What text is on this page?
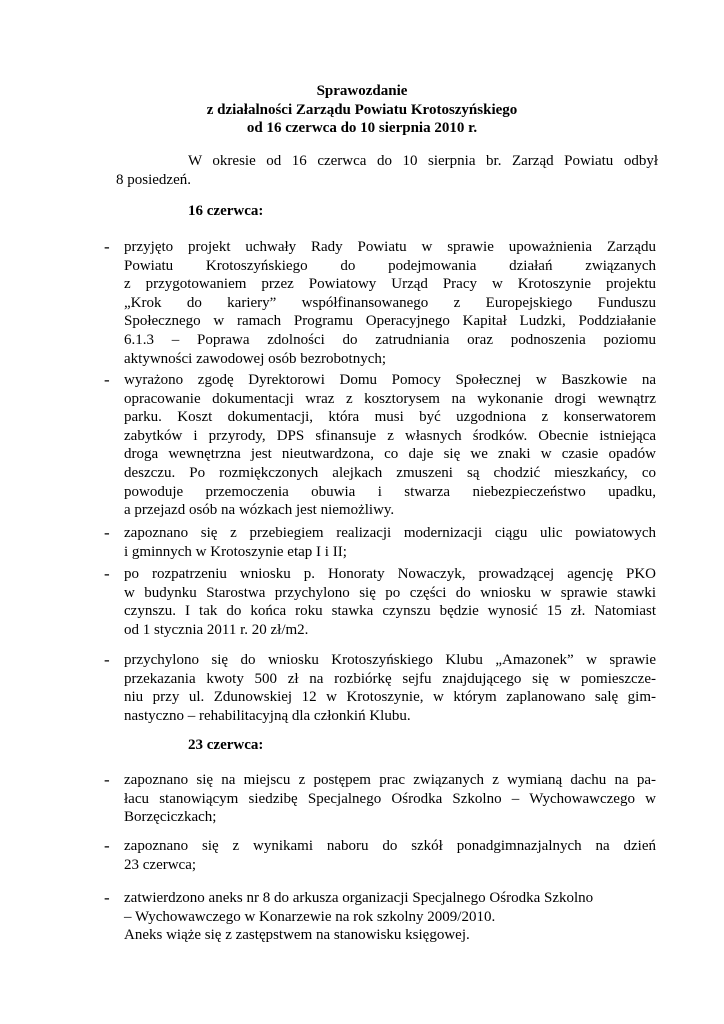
Sprawozdanie
z działalności Zarządu Powiatu Krotoszyńskiego
od 16 czerwca do 10 sierpnia 2010 r.
W okresie od 16 czerwca do 10 sierpnia br. Zarząd Powiatu odbył
8 posiedzeń.
16 czerwca:
- przyjęto projekt uchwały Rady Powiatu w sprawie upoważnienia Zarządu
Powiatu Krotoszyńskiego do podejmowania działań związanych
z przygotowaniem przez Powiatowy Urząd Pracy w Krotoszynie projektu
„Krok do kariery” współfinansowanego z Europejskiego Funduszu
Społecznego w ramach Programu Operacyjnego Kapitał Ludzki, Poddziałanie
6.1.3 – Poprawa zdolności do zatrudniania oraz podnoszenia poziomu
aktywności zawodowej osób bezrobotnych;
- wyrażono zgodę Dyrektorowi Domu Pomocy Społecznej w Baszkowie na
opracowanie dokumentacji wraz z kosztorysem na wykonanie drogi wewnątrz
parku. Koszt dokumentacji, która musi być uzgodniona z konserwatorem
zabytków i przyrody, DPS sfinansuje z własnych środków. Obecnie istniejąca
droga wewnętrzna jest nieutwardzona, co daje się we znaki w czasie opadów
deszczu. Po rozmiękczonych alejkach zmuszeni są chodzić mieszkańcy, co
powoduje przemoczenia obuwia i stwarza niebezpieczeństwo upadku,
a przejazd osób na wózkach jest niemożliwy.
- zapoznano się z przebiegiem realizacji modernizacji ciągu ulic powiatowych
i gminnych w Krotoszynie etap I i II;
- po rozpatrzeniu wniosku p. Honoraty Nowaczyk, prowadzącej agencję PKO
w budynku Starostwa przychylono się po części do wniosku w sprawie stawki
czynszu. I tak do końca roku stawka czynszu będzie wynosić 15 zł. Natomiast
od 1 stycznia 2011 r. 20 zł/m2.
- przychylono się do wniosku Krotoszyńskiego Klubu „Amazonek” w sprawie
przekazania kwoty 500 zł na rozbiórkę sejfu znajdującego się w pomieszcze-
niu przy ul. Zdunowskiej 12 w Krotoszynie, w którym zaplanowano salę gim-
nastyczno – rehabilitacyjną dla członkiń Klubu.
23 czerwca:
- zapoznano się na miejscu z postępem prac związanych z wymianą dachu na pa-
łacu stanowiącym siedzibę Specjalnego Ośrodka Szkolno – Wychowawczego w
Borzęciczkach;
- zapoznano się z wynikami naboru do szkół ponadgimnazjalnych na dzień
23 czerwca;
- zatwierdzono aneks nr 8 do arkusza organizacji Specjalnego Ośrodka Szkolno
– Wychowawczego w Konarzewie na rok szkolny 2009/2010.
Aneks wiąże się z zastępstwem na stanowisku księgowej.
